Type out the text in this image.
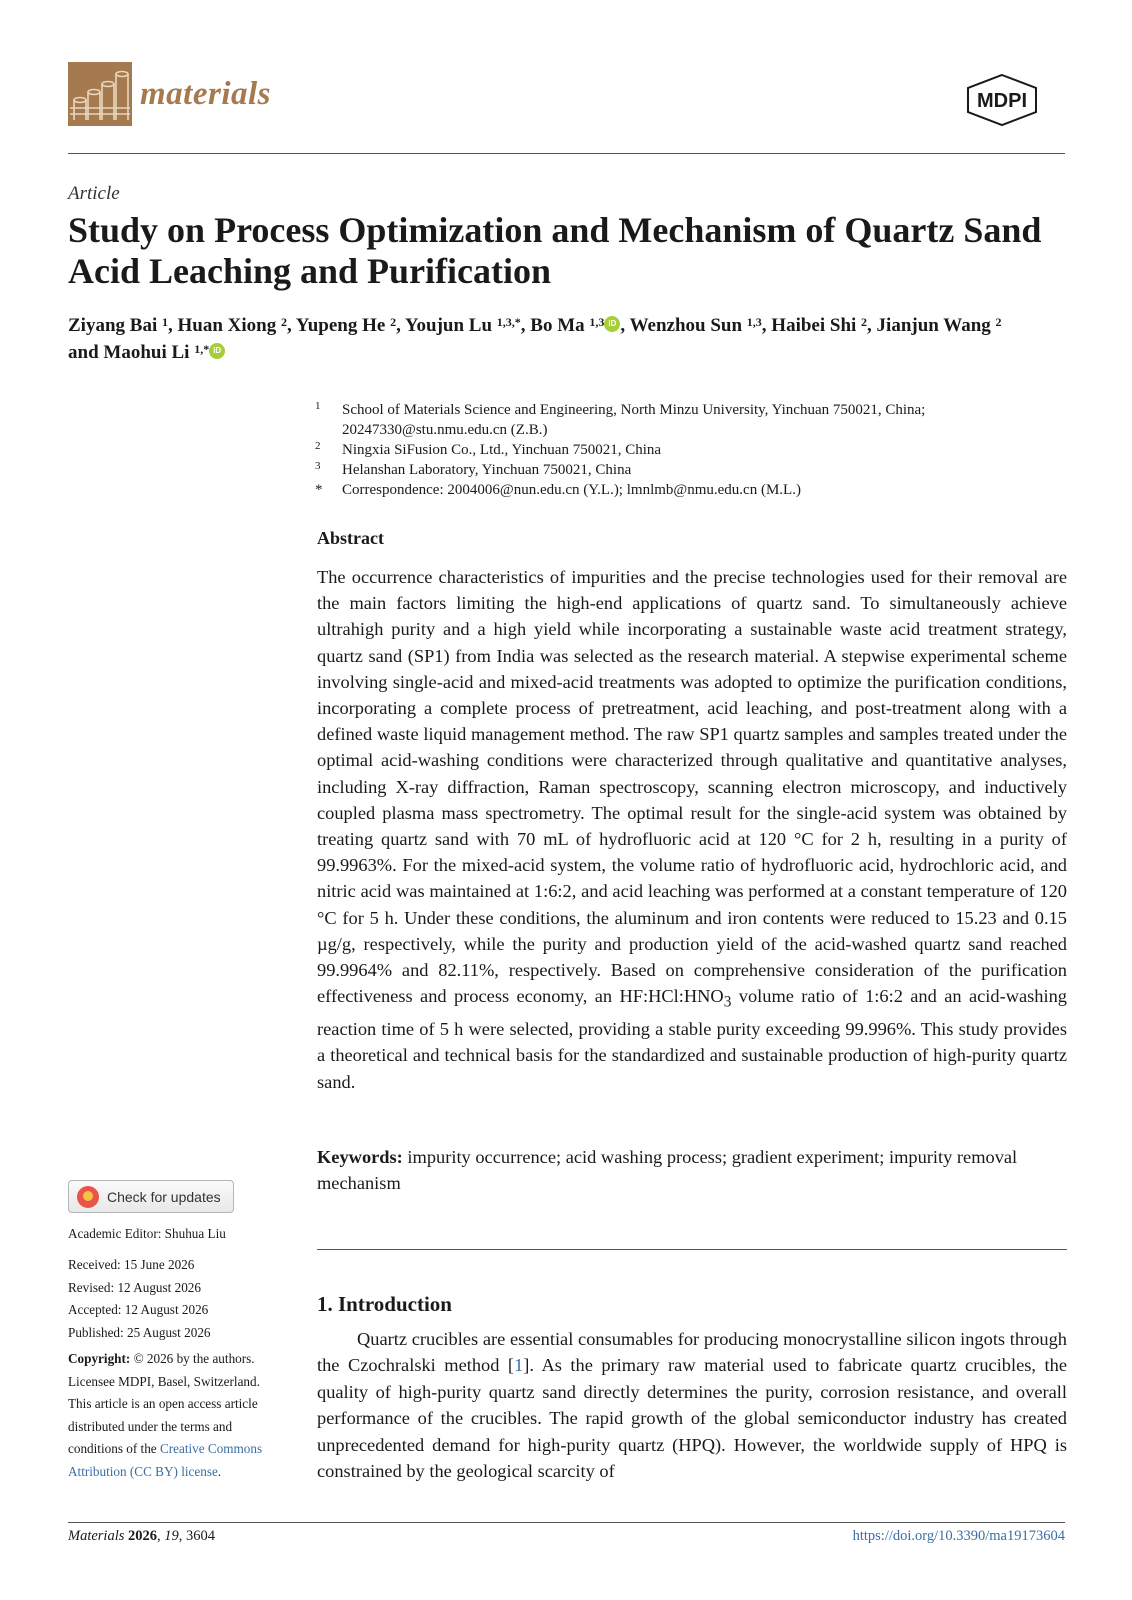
materials	MDPI
Article
Study on Process Optimization and Mechanism of Quartz Sand Acid Leaching and Purification
Ziyang Bai $^1$, Huan Xiong $^2$, Yupeng He $^2$, Youjun Lu $^{1,3,*}$, Bo Ma $^{1,3}$ iD , Wenzhou Sun $^{1,3}$, Haibei Shi $^2$, Jianjun Wang $^2$
and Maohui Li $^{1,*}$ iD
1	School of Materials Science and Engineering, North Minzu University, Yinchuan 750021, China; 20247330@stu.nmu.edu.cn (Z.B.)
2	Ningxia SiFusion Co., Ltd., Yinchuan 750021, China
3	Helanshan Laboratory, Yinchuan 750021, China
*	Correspondence: 2004006@nun.edu.cn (Y.L.); lmnlmb@nmu.edu.cn (M.L.)
Abstract

The occurrence characteristics of impurities and the precise technologies used for their removal are the main factors limiting the high-end applications of quartz sand. To simultaneously achieve ultrahigh purity and a high yield while incorporating a sustainable waste acid treatment strategy, quartz sand (SP1) from India was selected as the research material. A stepwise experimental scheme involving single-acid and mixed-acid treatments was adopted to optimize the purification conditions, incorporating a complete process of pretreatment, acid leaching, and post-treatment along with a defined waste liquid management method. The raw SP1 quartz samples and samples treated under the optimal acid-washing conditions were characterized through qualitative and quantitative analyses, including X-ray diffraction, Raman spectroscopy, scanning electron microscopy, and inductively coupled plasma mass spectrometry. The optimal result for the single-acid system was obtained by treating quartz sand with 70 mL of hydrofluoric acid at 120 °C for 2 h, resulting in a purity of 99.9963%. For the mixed-acid system, the volume ratio of hydrofluoric acid, hydrochloric acid, and nitric acid was maintained at 1:6:2, and acid leaching was performed at a constant temperature of 120 °C for 5 h. Under these conditions, the aluminum and iron contents were reduced to 15.23 and 0.15 µg/g, respectively, while the purity and production yield of the acid-washed quartz sand reached 99.9964% and 82.11%, respectively. Based on comprehensive consideration of the purification effectiveness and process economy, an $HF:HCl:HNO_3$ volume ratio of 1:6:2 and an acid-washing reaction time of 5 h were selected, providing a stable purity exceeding 99.996%. This study provides a theoretical and technical basis for the standardized and sustainable production of high-purity quartz sand.

Keywords: impurity occurrence; acid washing process; gradient experiment; impurity removal mechanism

1. Introduction

Quartz crucibles are essential consumables for producing monocrystalline silicon ingots through the Czochralski method [1]. As the primary raw material used to fabricate quartz crucibles, the quality of high-purity quartz sand directly determines the purity, corrosion resistance, and overall performance of the crucibles. The rapid growth of the global semiconductor industry has created unprecedented demand for high-purity quartz (HPQ). However, the worldwide supply of HPQ is constrained by the geological scarcity of

Check for updates
Academic Editor: Shuhua Liu
Received: 15 June 2026
Revised: 12 August 2026
Accepted: 12 August 2026
Published: 25 August 2026
Copyright: © 2026 by the authors.
Licensee MDPI, Basel, Switzerland.
This article is an open access article
distributed under the terms and
conditions of the Creative Commons
Attribution (CC BY) license.
Materials 2026, 19, 3604	https://doi.org/10.3390/ma19173604
